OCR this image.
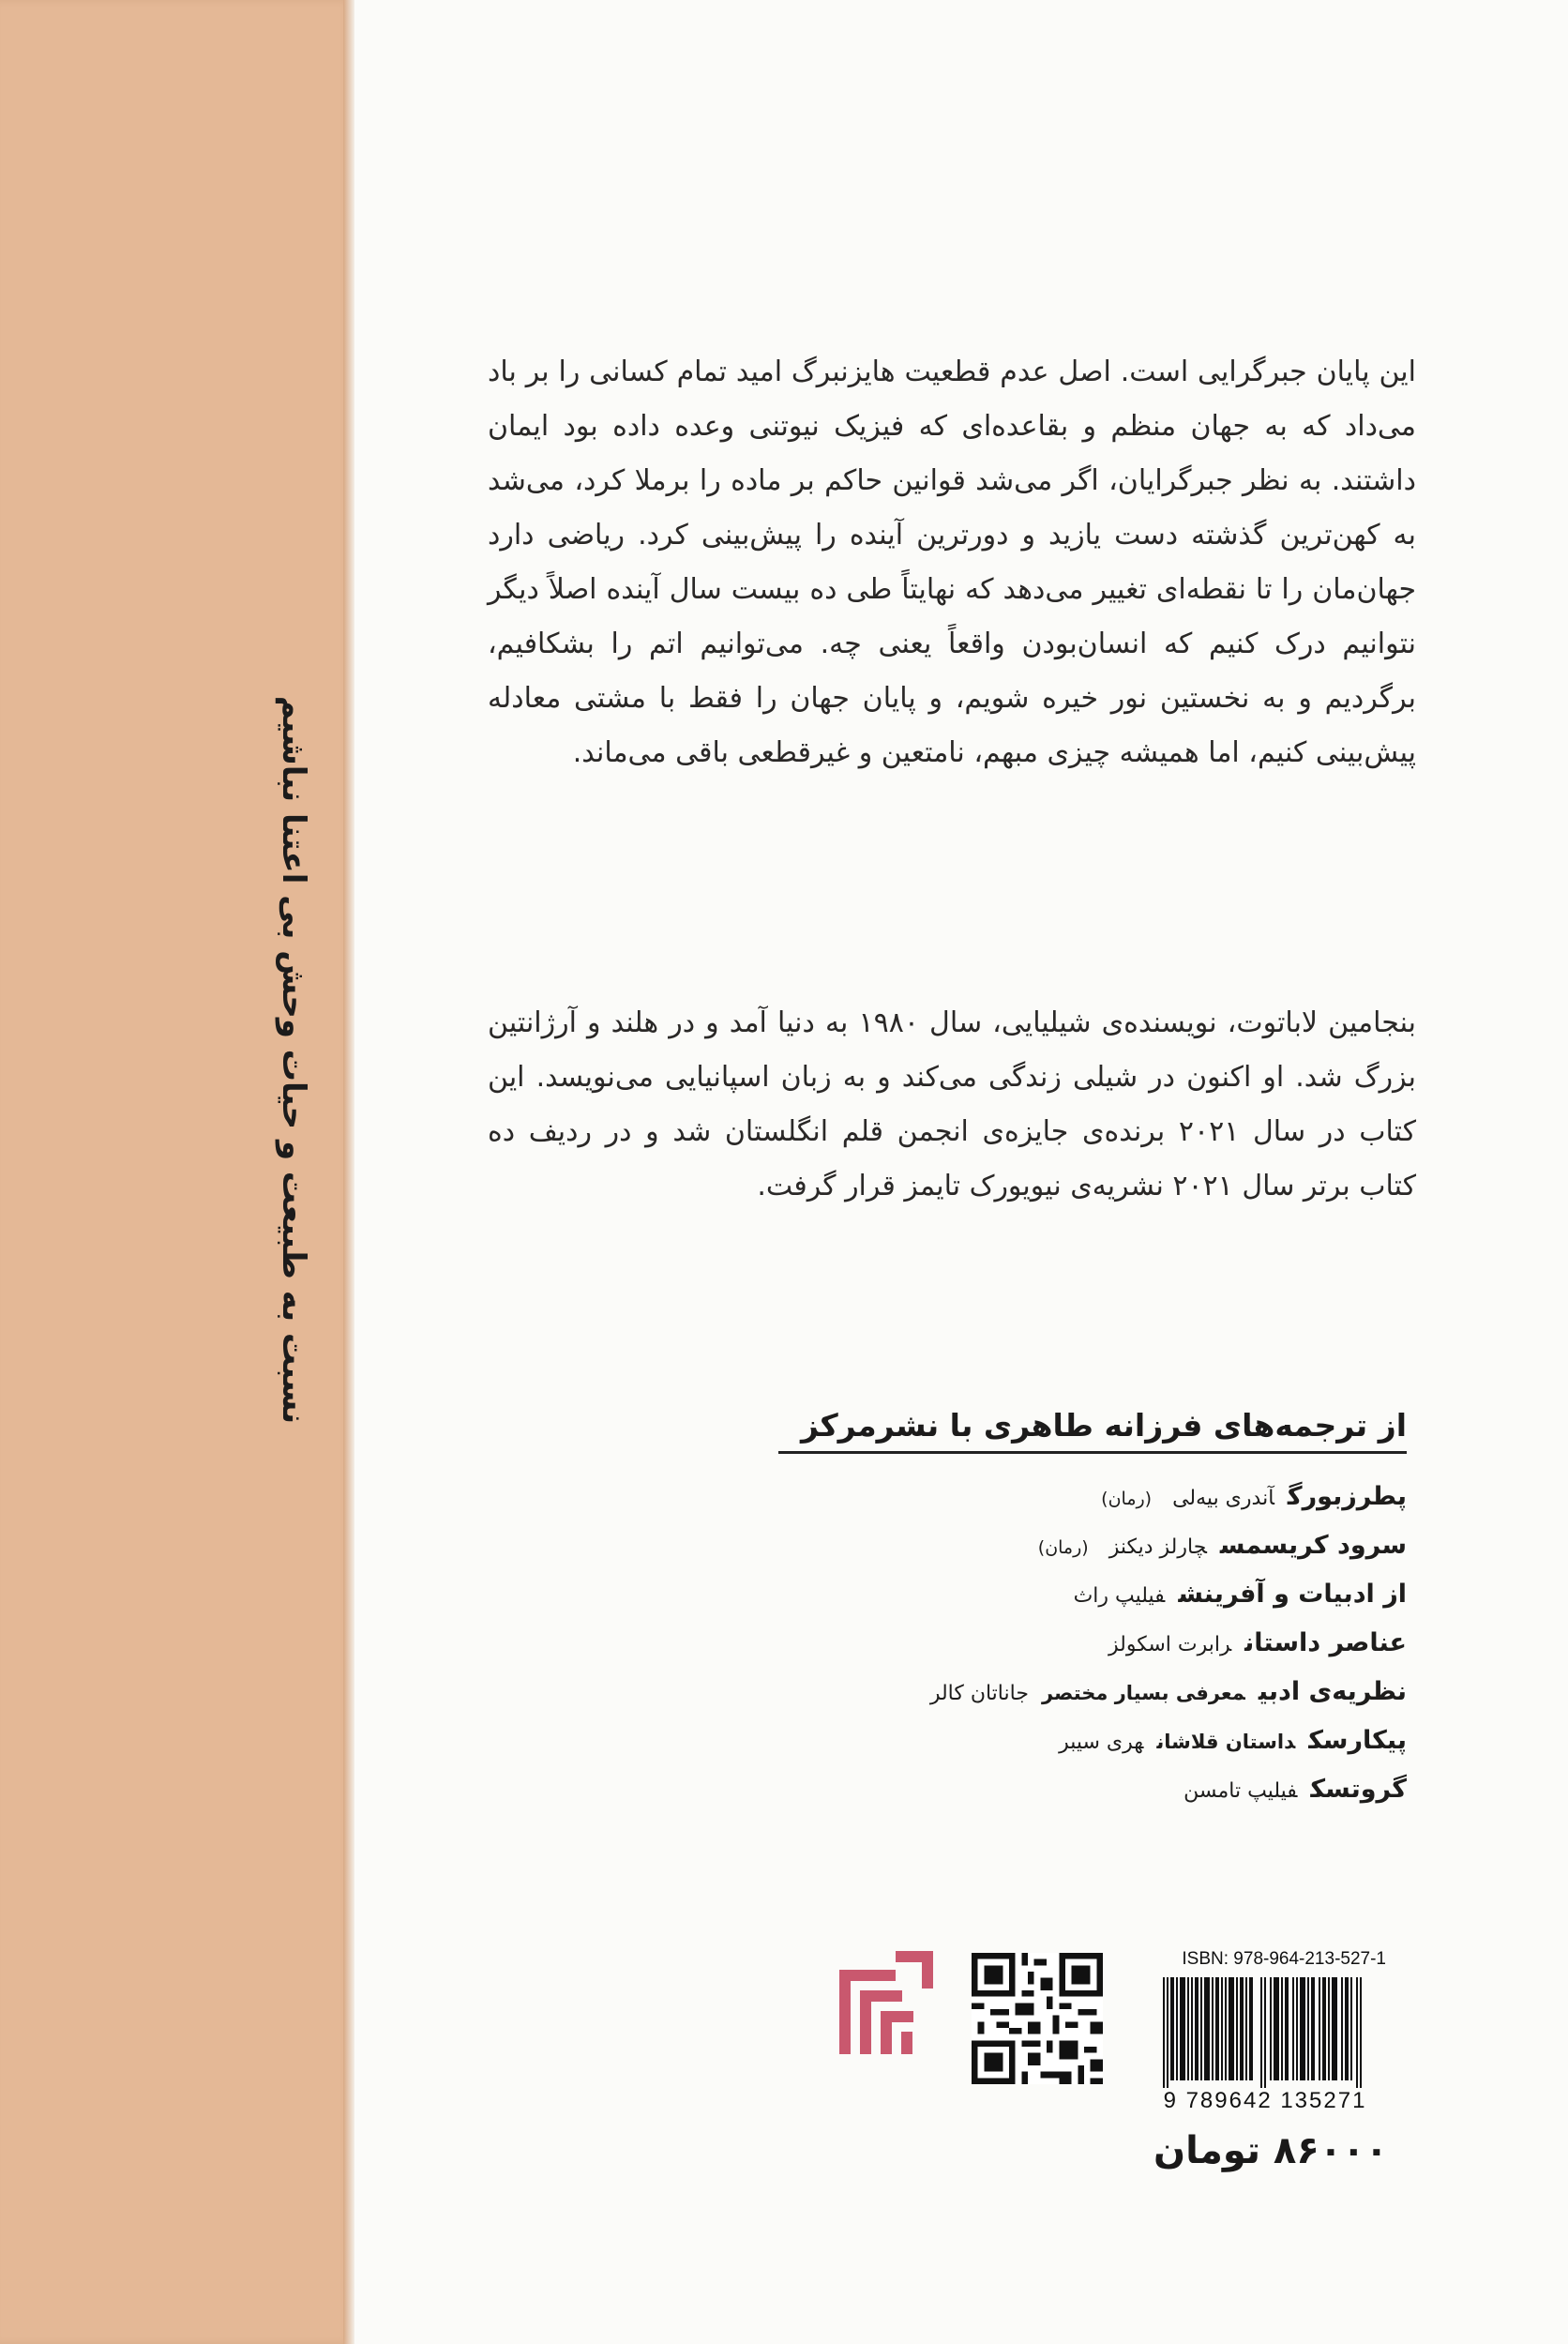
نسبت به طبیعت و حیات وحش بی اعتنا نباشیم

این پایان جبرگرایی است. اصل عدم قطعیت هایزنبرگ امید تمام کسانی را بر باد می‌داد که به جهان منظم و بقاعده‌ای که فیزیک نیوتنی وعده داده بود ایمان داشتند. به نظر جبرگرایان، اگر می‌شد قوانین حاکم بر ماده را برملا کرد، می‌شد به کهن‌ترین گذشته دست یازید و دورترین آینده را پیش‌بینی کرد. ریاضی دارد جهان‌مان را تا نقطه‌ای تغییر می‌دهد که نهایتاً طی ده بیست سال آینده اصلاً دیگر نتوانیم درک کنیم که انسان‌بودن واقعاً یعنی چه. می‌توانیم اتم را بشکافیم، برگردیم و به نخستین نور خیره شویم، و پایان جهان را فقط با مشتی معادله پیش‌بینی کنیم، اما همیشه چیزی مبهم، نامتعین و غیرقطعی باقی می‌ماند.

بنجامین لاباتوت، نویسنده‌ی شیلیایی، سال ۱۹۸۰ به دنیا آمد و در هلند و آرژانتین بزرگ شد. او اکنون در شیلی زندگی می‌کند و به زبان اسپانیایی می‌نویسد. این کتاب در سال ۲۰۲۱ برنده‌ی جایزه‌ی انجمن قلم انگلستان شد و در ردیف ده کتاب برتر سال ۲۰۲۱ نشریه‌ی نیویورک تایمز قرار گرفت.

از ترجمه‌های فرزانه طاهری با نشرمرکز
پطرزبورگآندری بیه‌لی(رمان)
سرود کریسمسچارلز دیکنز(رمان)
از ادبیات و آفرینشفیلیپ راث
عناصر داستانرابرت اسکولز
نظریه‌ی ادبیمعرفی بسیار مختصرجاناتان کالر
پیکارسکداستان قلاشانهری سیبر
گروتسکفیلیپ تامسن
ISBN: 978-964-213-527-1
9 789642 135271
۸۶۰۰۰ تومان
